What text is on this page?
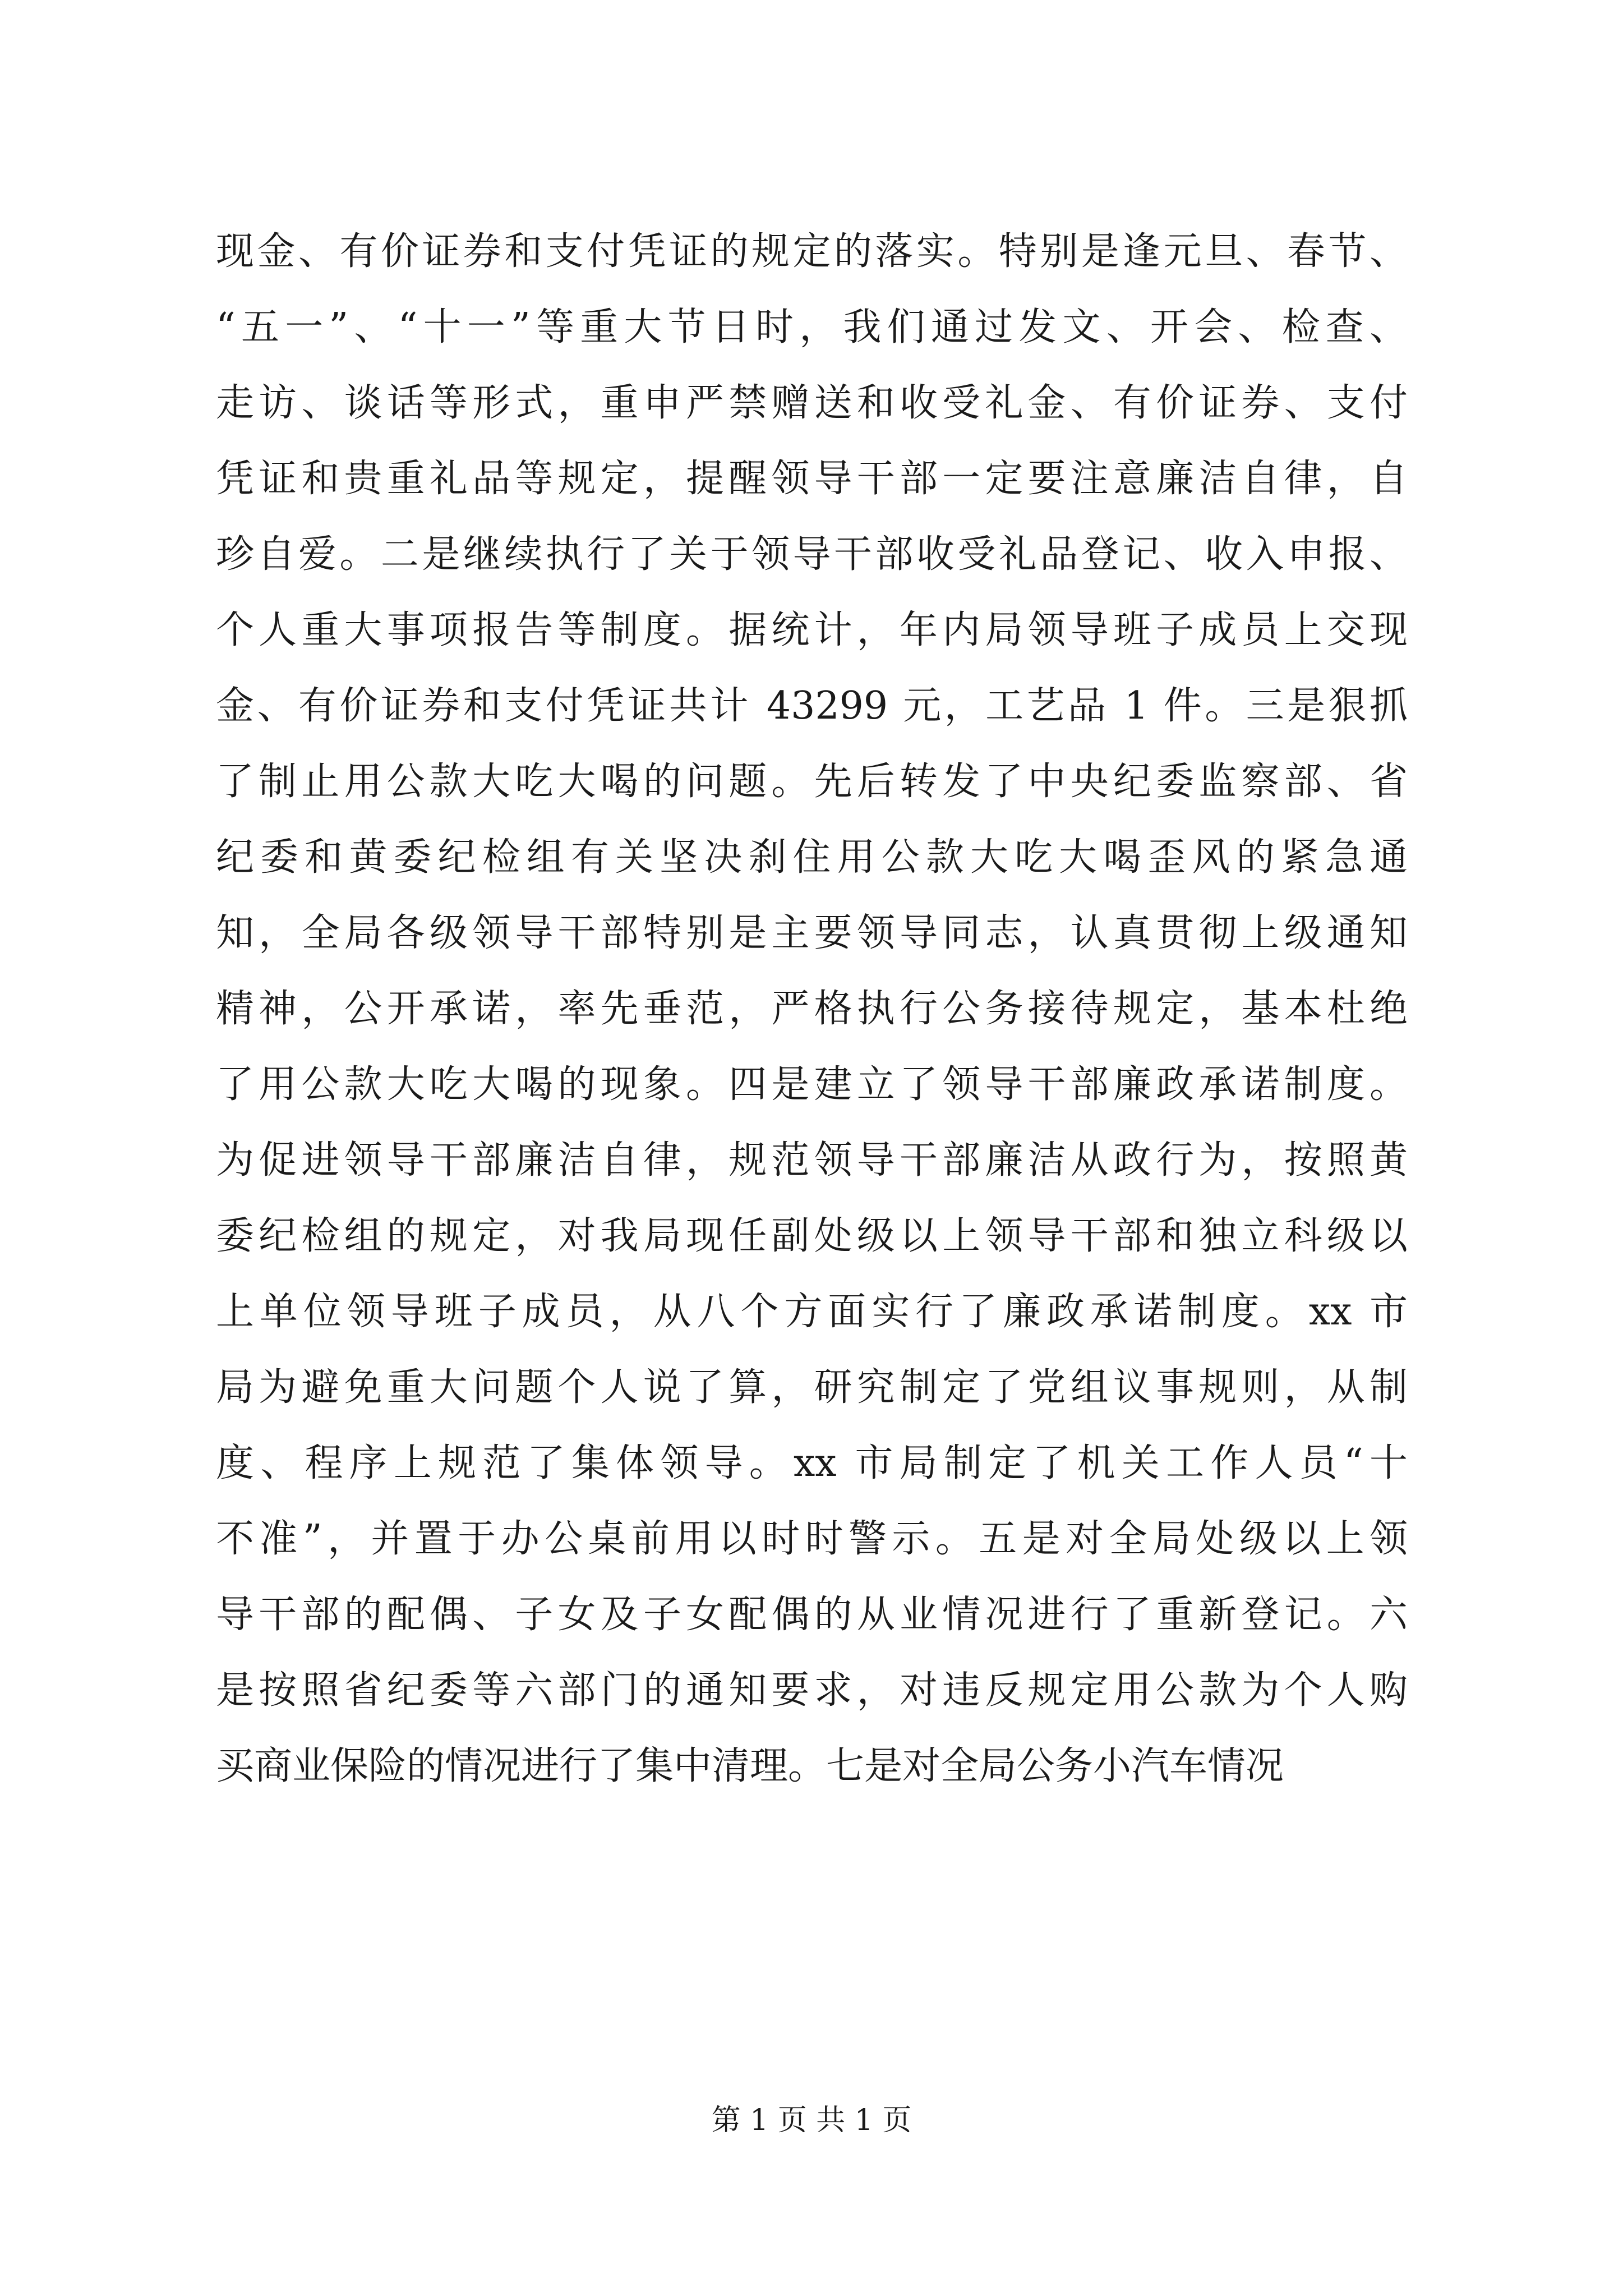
现金、有价证券和支付凭证的规定的落实。特别是逢元旦、春节、
“五一”、“十一”等重大节日时，我们通过发文、开会、检查、
走访、谈话等形式，重申严禁赠送和收受礼金、有价证券、支付
凭证和贵重礼品等规定，提醒领导干部一定要注意廉洁自律，自
珍自爱。二是继续执行了关于领导干部收受礼品登记、收入申报、
个人重大事项报告等制度。据统计，年内局领导班子成员上交现
金、有价证券和支付凭证共计 43299 元，工艺品 1 件。三是狠抓
了制止用公款大吃大喝的问题。先后转发了中央纪委监察部、省
纪委和黄委纪检组有关坚决刹住用公款大吃大喝歪风的紧急通
知，全局各级领导干部特别是主要领导同志，认真贯彻上级通知
精神，公开承诺，率先垂范，严格执行公务接待规定，基本杜绝
了用公款大吃大喝的现象。四是建立了领导干部廉政承诺制度。
为促进领导干部廉洁自律，规范领导干部廉洁从政行为，按照黄
委纪检组的规定，对我局现任副处级以上领导干部和独立科级以
上单位领导班子成员，从八个方面实行了廉政承诺制度。xx 市
局为避免重大问题个人说了算，研究制定了党组议事规则，从制
度、程序上规范了集体领导。xx 市局制定了机关工作人员“十
不准”，并置于办公桌前用以时时警示。五是对全局处级以上领
导干部的配偶、子女及子女配偶的从业情况进行了重新登记。六
是按照省纪委等六部门的通知要求，对违反规定用公款为个人购
买商业保险的情况进行了集中清理。七是对全局公务小汽车情况
第 1 页 共 1 页
